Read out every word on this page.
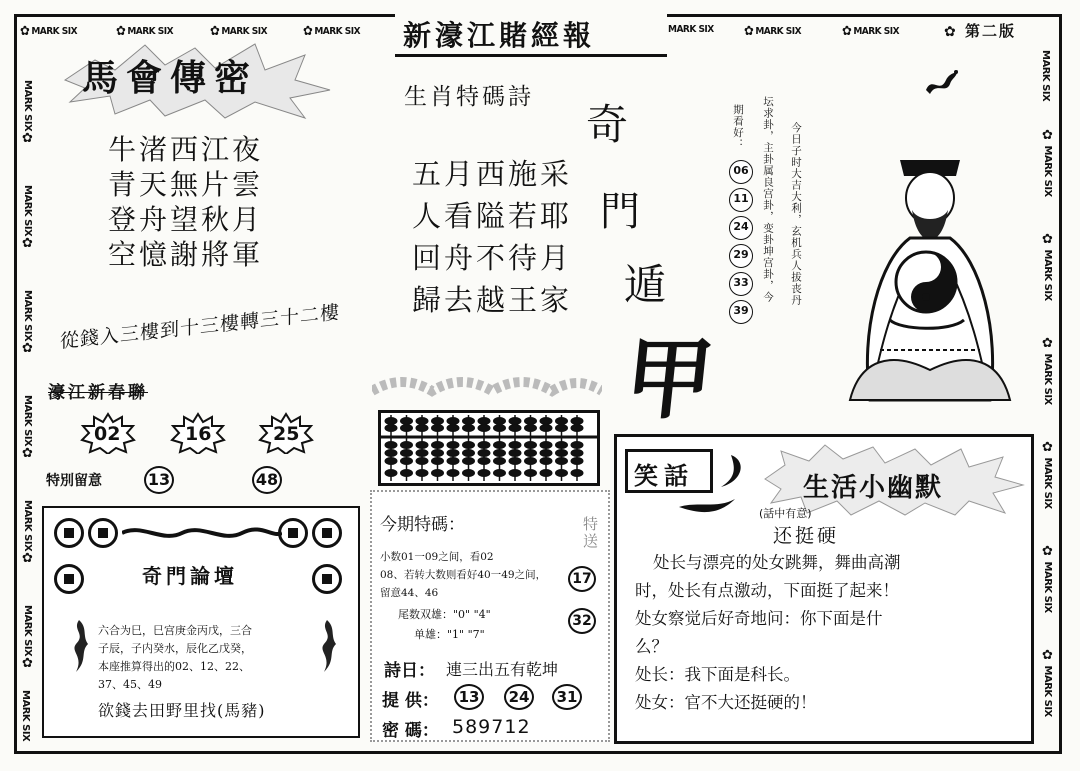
✿ MARK SIX	✿ MARK SIX	✿ MARK SIX	✿ MARK SIX	MARK SIX ✿ MARK SIX	✿ MARK SIX	✿ 第二版
MARK SIX✿
MARK SIX✿
MARK SIX✿
MARK SIX✿
MARK SIX✿
MARK SIX✿
MARK SIX
MARK SIX
✿MARK SIX
✿MARK SIX
✿MARK SIX
✿MARK SIX
✿MARK SIX
✿MARK SIX
新濠江賭經報
馬會傳密
牛渚西江夜
青天無片雲
登舟望秋月
空憶謝將軍
從錢入三樓到十三樓轉三十二樓
濠江新春聯
02	16	25
特別留意	13	48
奇門論壇
六合为巳，巳宫庚金丙戊，三合
子辰，子内癸水，辰化乙戊癸，
本座推算得出的02、12、22、
37、45、49
欲錢去田野里找(馬豬)
生肖特碼詩
五月西施采
人看隘若耶
回舟不待月
歸去越王家
奇
門
遁
甲
今期特碼：	特送
小数01一09之间，看02
08、若转大数则看好40一49之间，
留意44、46
尾数双雄："0" "4"
单雄："1" "7"
17
32
詩日： 連三出五有乾坤
提 供：	13	24	31
密 碼： 589712
今日子时大吉大利，玄机兵人拔丧丹
坛求卦，主卦属良宫卦，变卦坤宫卦，今
期看好：
06
11
24
29
33
39
笑話	生活小幽默
(話中有意)
还挺硬
处长与漂亮的处女跳舞，舞曲高潮
时，处长有点激动，下面挺了起来！
处女察觉后好奇地问：你下面是什
么？
处长：我下面是科长。
处女：官不大还挺硬的！
